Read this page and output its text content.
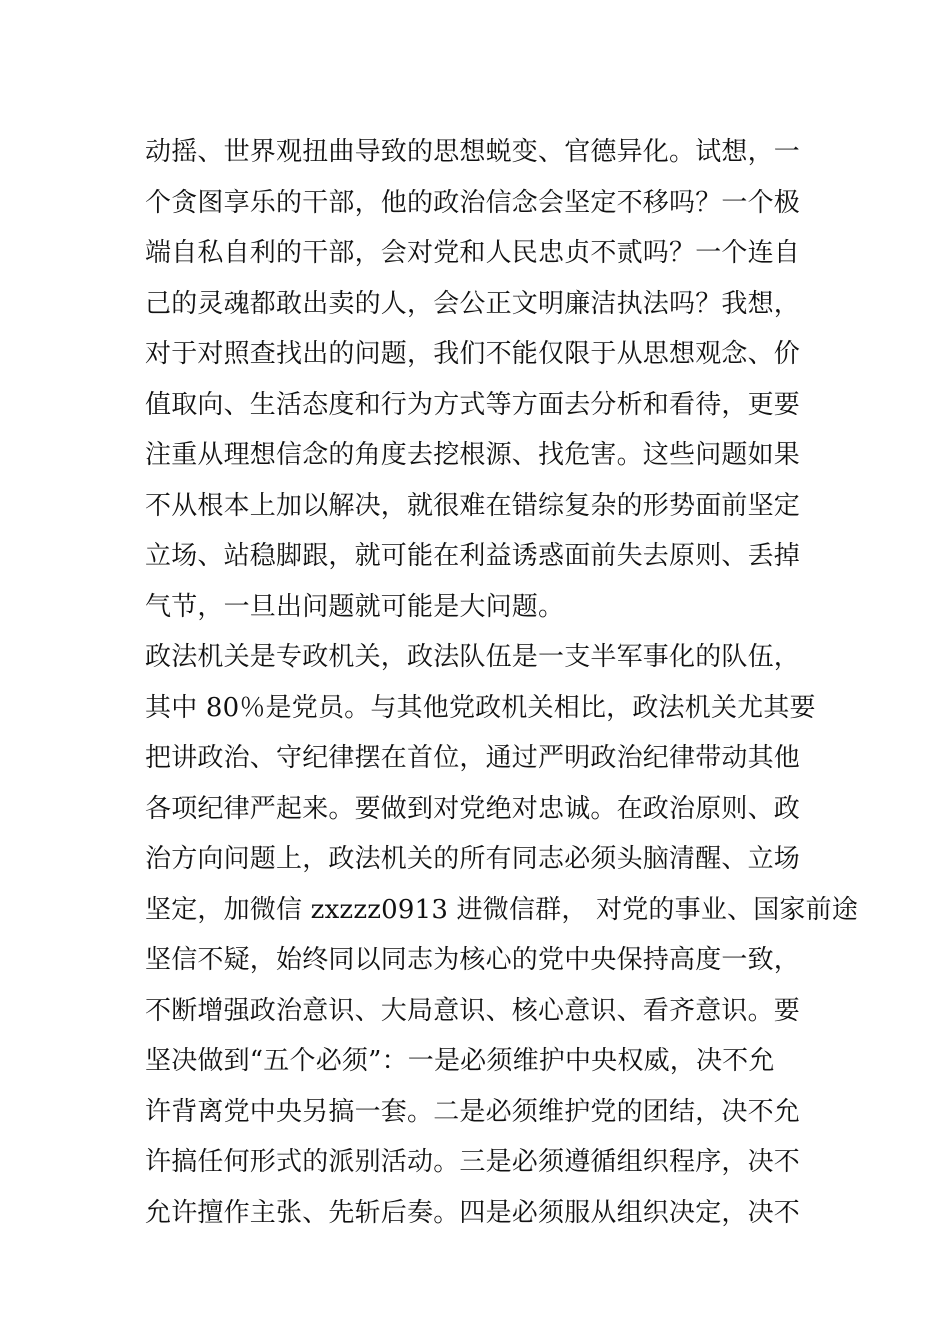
动摇、世界观扭曲导致的思想蜕变、官德异化。试想，一
个贪图享乐的干部，他的政治信念会坚定不移吗？一个极
端自私自利的干部，会对党和人民忠贞不贰吗？一个连自
己的灵魂都敢出卖的人，会公正文明廉洁执法吗？我想，
对于对照查找出的问题，我们不能仅限于从思想观念、价
值取向、生活态度和行为方式等方面去分析和看待，更要
注重从理想信念的角度去挖根源、找危害。这些问题如果
不从根本上加以解决，就很难在错综复杂的形势面前坚定
立场、站稳脚跟，就可能在利益诱惑面前失去原则、丢掉
气节，一旦出问题就可能是大问题。
政法机关是专政机关，政法队伍是一支半军事化的队伍，
其中 80％是党员。与其他党政机关相比，政法机关尤其要
把讲政治、守纪律摆在首位，通过严明政治纪律带动其他
各项纪律严起来。要做到对党绝对忠诚。在政治原则、政
治方向问题上，政法机关的所有同志必须头脑清醒、立场
坚定，加微信 zxzzz0913 进微信群， 对党的事业、国家前途
坚信不疑，始终同以同志为核心的党中央保持高度一致，
不断增强政治意识、大局意识、核心意识、看齐意识。要
坚决做到“五个必须”：一是必须维护中央权威，决不允
许背离党中央另搞一套。二是必须维护党的团结，决不允
许搞任何形式的派别活动。三是必须遵循组织程序，决不
允许擅作主张、先斩后奏。四是必须服从组织决定，决不
